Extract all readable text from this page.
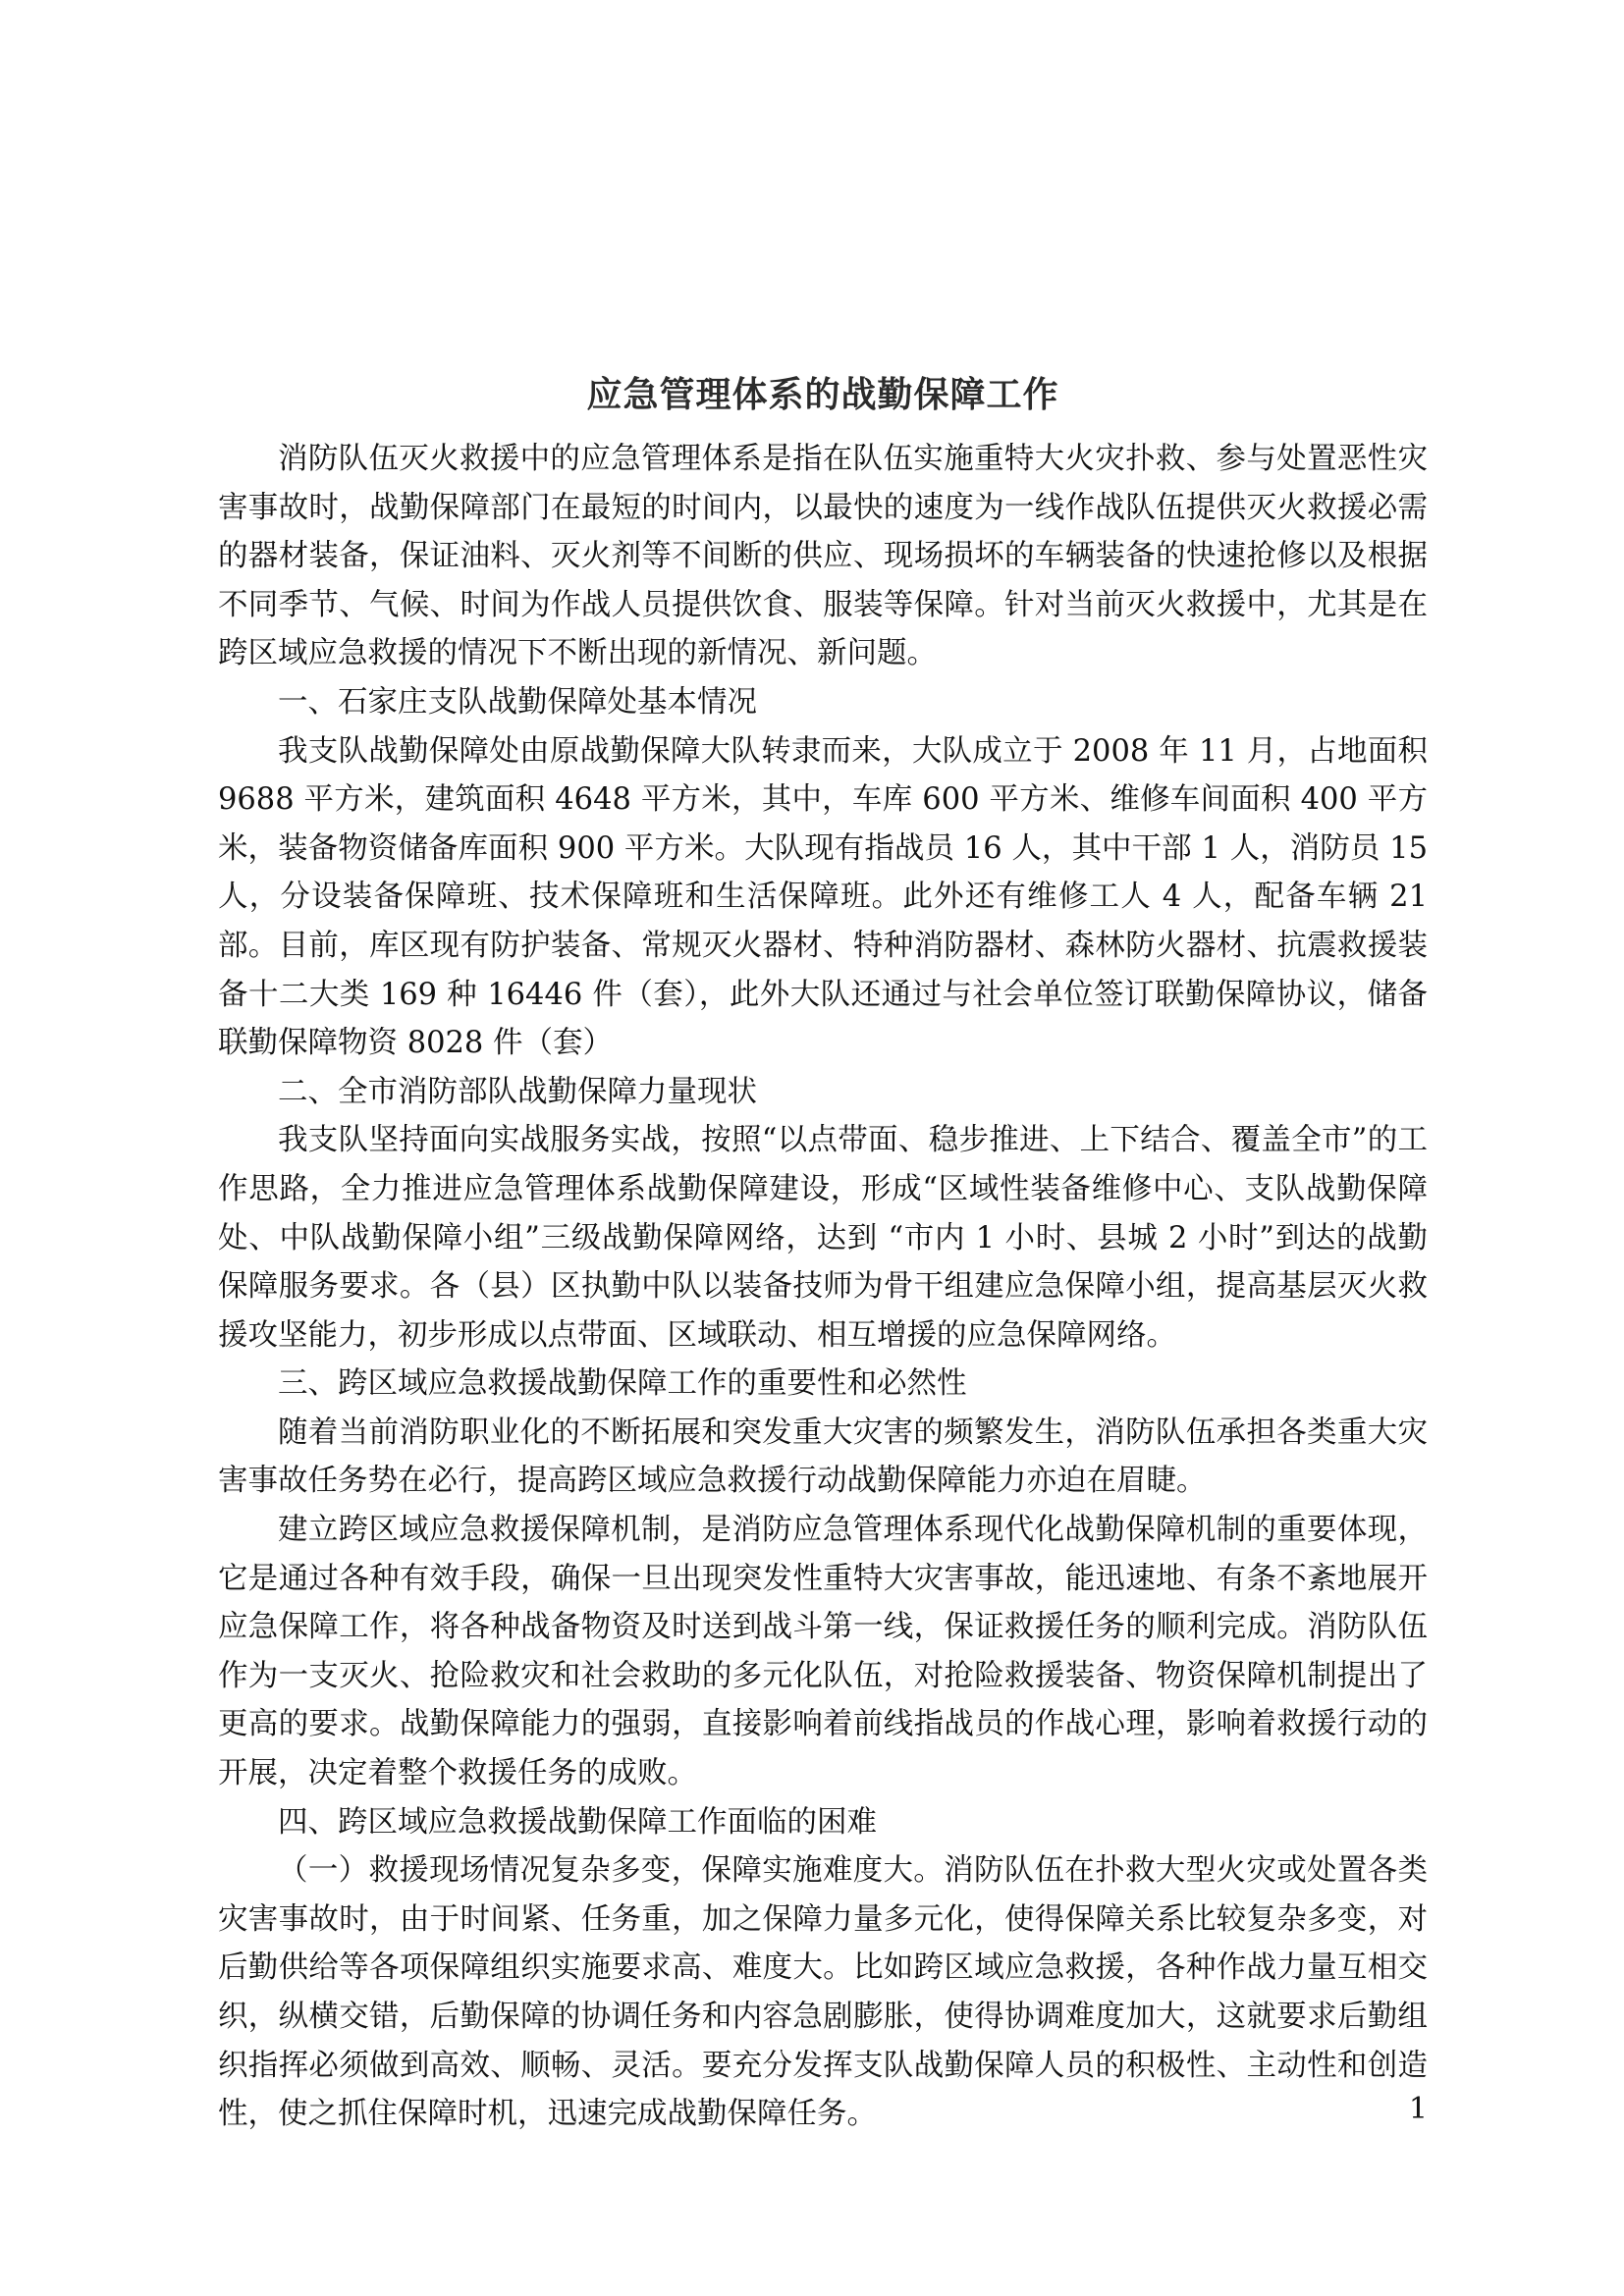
应急管理体系的战勤保障工作

消防队伍灭火救援中的应急管理体系是指在队伍实施重特大火灾扑救、参与处置恶性灾害事故时，战勤保障部门在最短的时间内，以最快的速度为一线作战队伍提供灭火救援必需的器材装备，保证油料、灭火剂等不间断的供应、现场损坏的车辆装备的快速抢修以及根据不同季节、气候、时间为作战人员提供饮食、服装等保障。针对当前灭火救援中，尤其是在跨区域应急救援的情况下不断出现的新情况、新问题。

一、石家庄支队战勤保障处基本情况

我支队战勤保障处由原战勤保障大队转隶而来，大队成立于 2008 年 11 月，占地面积 9688 平方米，建筑面积 4648 平方米，其中，车库 600 平方米、维修车间面积 400 平方米，装备物资储备库面积 900 平方米。大队现有指战员 16 人，其中干部 1 人，消防员 15 人，分设装备保障班、技术保障班和生活保障班。此外还有维修工人 4 人，配备车辆 21 部。目前，库区现有防护装备、常规灭火器材、特种消防器材、森林防火器材、抗震救援装备十二大类 169 种 16446 件（套），此外大队还通过与社会单位签订联勤保障协议，储备联勤保障物资 8028 件（套）

二、全市消防部队战勤保障力量现状

我支队坚持面向实战服务实战，按照“以点带面、稳步推进、上下结合、覆盖全市”的工作思路，全力推进应急管理体系战勤保障建设，形成“区域性装备维修中心、支队战勤保障处、中队战勤保障小组”三级战勤保障网络，达到 “市内 1 小时、县城 2 小时”到达的战勤保障服务要求。各（县）区执勤中队以装备技师为骨干组建应急保障小组，提高基层灭火救援攻坚能力，初步形成以点带面、区域联动、相互增援的应急保障网络。

三、跨区域应急救援战勤保障工作的重要性和必然性

随着当前消防职业化的不断拓展和突发重大灾害的频繁发生，消防队伍承担各类重大灾害事故任务势在必行，提高跨区域应急救援行动战勤保障能力亦迫在眉睫。

建立跨区域应急救援保障机制，是消防应急管理体系现代化战勤保障机制的重要体现，它是通过各种有效手段，确保一旦出现突发性重特大灾害事故，能迅速地、有条不紊地展开应急保障工作，将各种战备物资及时送到战斗第一线，保证救援任务的顺利完成。消防队伍作为一支灭火、抢险救灾和社会救助的多元化队伍，对抢险救援装备、物资保障机制提出了更高的要求。战勤保障能力的强弱，直接影响着前线指战员的作战心理，影响着救援行动的开展，决定着整个救援任务的成败。

四、跨区域应急救援战勤保障工作面临的困难

（一）救援现场情况复杂多变，保障实施难度大。消防队伍在扑救大型火灾或处置各类灾害事故时，由于时间紧、任务重，加之保障力量多元化，使得保障关系比较复杂多变，对后勤供给等各项保障组织实施要求高、难度大。比如跨区域应急救援，各种作战力量互相交织，纵横交错，后勤保障的协调任务和内容急剧膨胀，使得协调难度加大，这就要求后勤组织指挥必须做到高效、顺畅、灵活。要充分发挥支队战勤保障人员的积极性、主动性和创造性，使之抓住保障时机，迅速完成战勤保障任务。	1
